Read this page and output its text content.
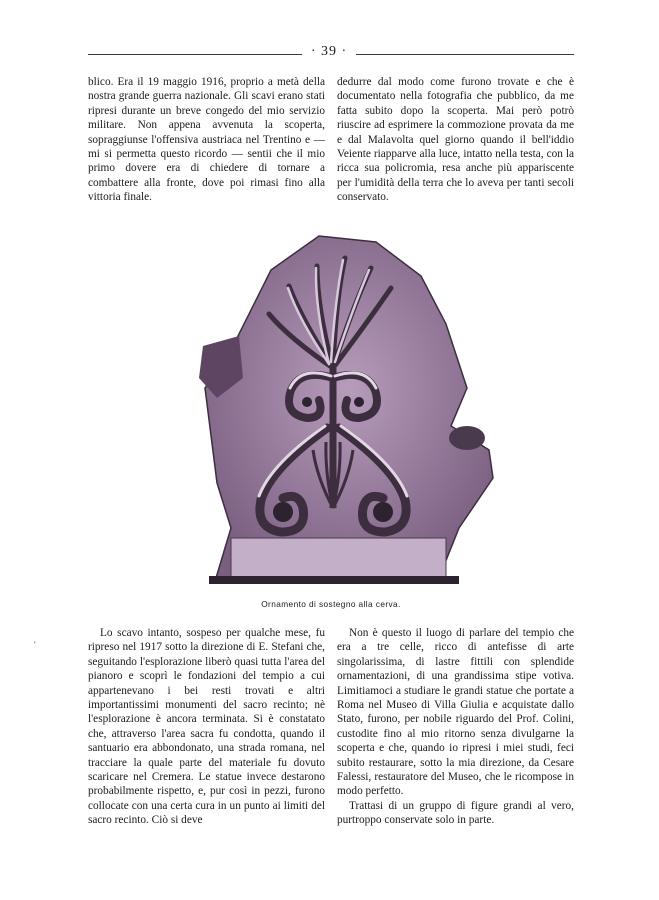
· 39 ·

blico. Era il 19 maggio 1916, proprio a metà della nostra grande guerra nazionale. Gli scavi erano stati ripresi durante un breve congedo del mio servizio militare. Non appena avvenuta la scoperta, sopraggiunse l'offensiva austriaca nel Trentino e — mi si permetta questo ricordo — sentii che il mio primo dovere era di chiedere di tornare a combattere alla fronte, dove poi rimasi fino alla vittoria finale.

dedurre dal modo come furono trovate e che è documentato nella fotografia che pubblico, da me fatta subito dopo la scoperta. Mai però potrò riuscire ad esprimere la commozione provata da me e dal Malavolta quel giorno quando il bell'iddio Veiente riapparve alla luce, intatto nella testa, con la ricca sua policromia, resa anche più appariscente per l'umidità della terra che lo aveva per tanti secoli conservato.

Ornamento di sostegno alla cerva.
'

Lo scavo intanto, sospeso per qualche mese, fu ripreso nel 1917 sotto la direzione di E. Stefani che, seguitando l'esplorazione liberò quasi tutta l'area del pianoro e scoprì le fondazioni del tempio a cui appartenevano i bei resti trovati e altri importantissimi monumenti del sacro recinto; nè l'esplorazione è ancora terminata. Si è constatato che, attraverso l'area sacra fu condotta, quando il santuario era abbondonato, una strada romana, nel tracciare la quale parte del materiale fu dovuto scaricare nel Cremera. Le statue invece destarono probabilmente rispetto, e, pur così in pezzi, furono collocate con una certa cura in un punto ai limiti del sacro recinto. Ciò si deve

Non è questo il luogo di parlare del tempio che era a tre celle, ricco di antefisse di arte singolarissima, di lastre fittili con splendide ornamentazioni, di una grandissima stipe votiva. Limitiamoci a studiare le grandi statue che portate a Roma nel Museo di Villa Giulia e acquistate dallo Stato, furono, per nobile riguardo del Prof. Colini, custodite fino al mio ritorno senza divulgarne la scoperta e che, quando io ripresi i miei studi, feci subito restaurare, sotto la mia direzione, da Cesare Falessi, restauratore del Museo, che le ricompose in modo perfetto.

Trattasi di un gruppo di figure grandi al vero, purtroppo conservate solo in parte.
